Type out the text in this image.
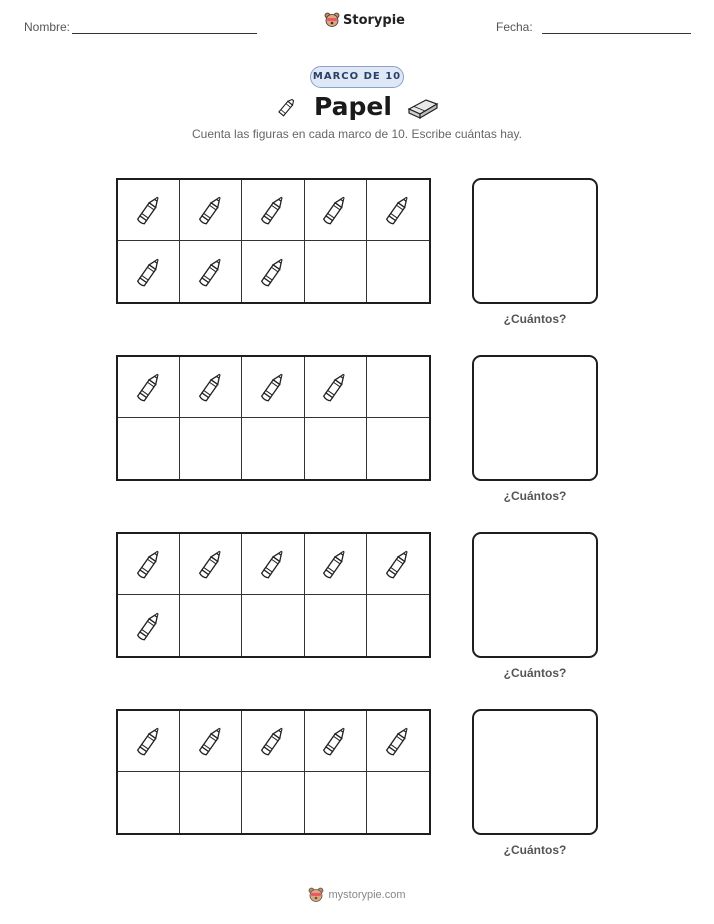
Nombre:	Storypie	Fecha:
MARCO DE 10
Papel
Cuenta las figuras en cada marco de 10. Escribe cuántas hay.
¿Cuántos?
¿Cuántos?
¿Cuántos?
¿Cuántos?
mystorypie.com
